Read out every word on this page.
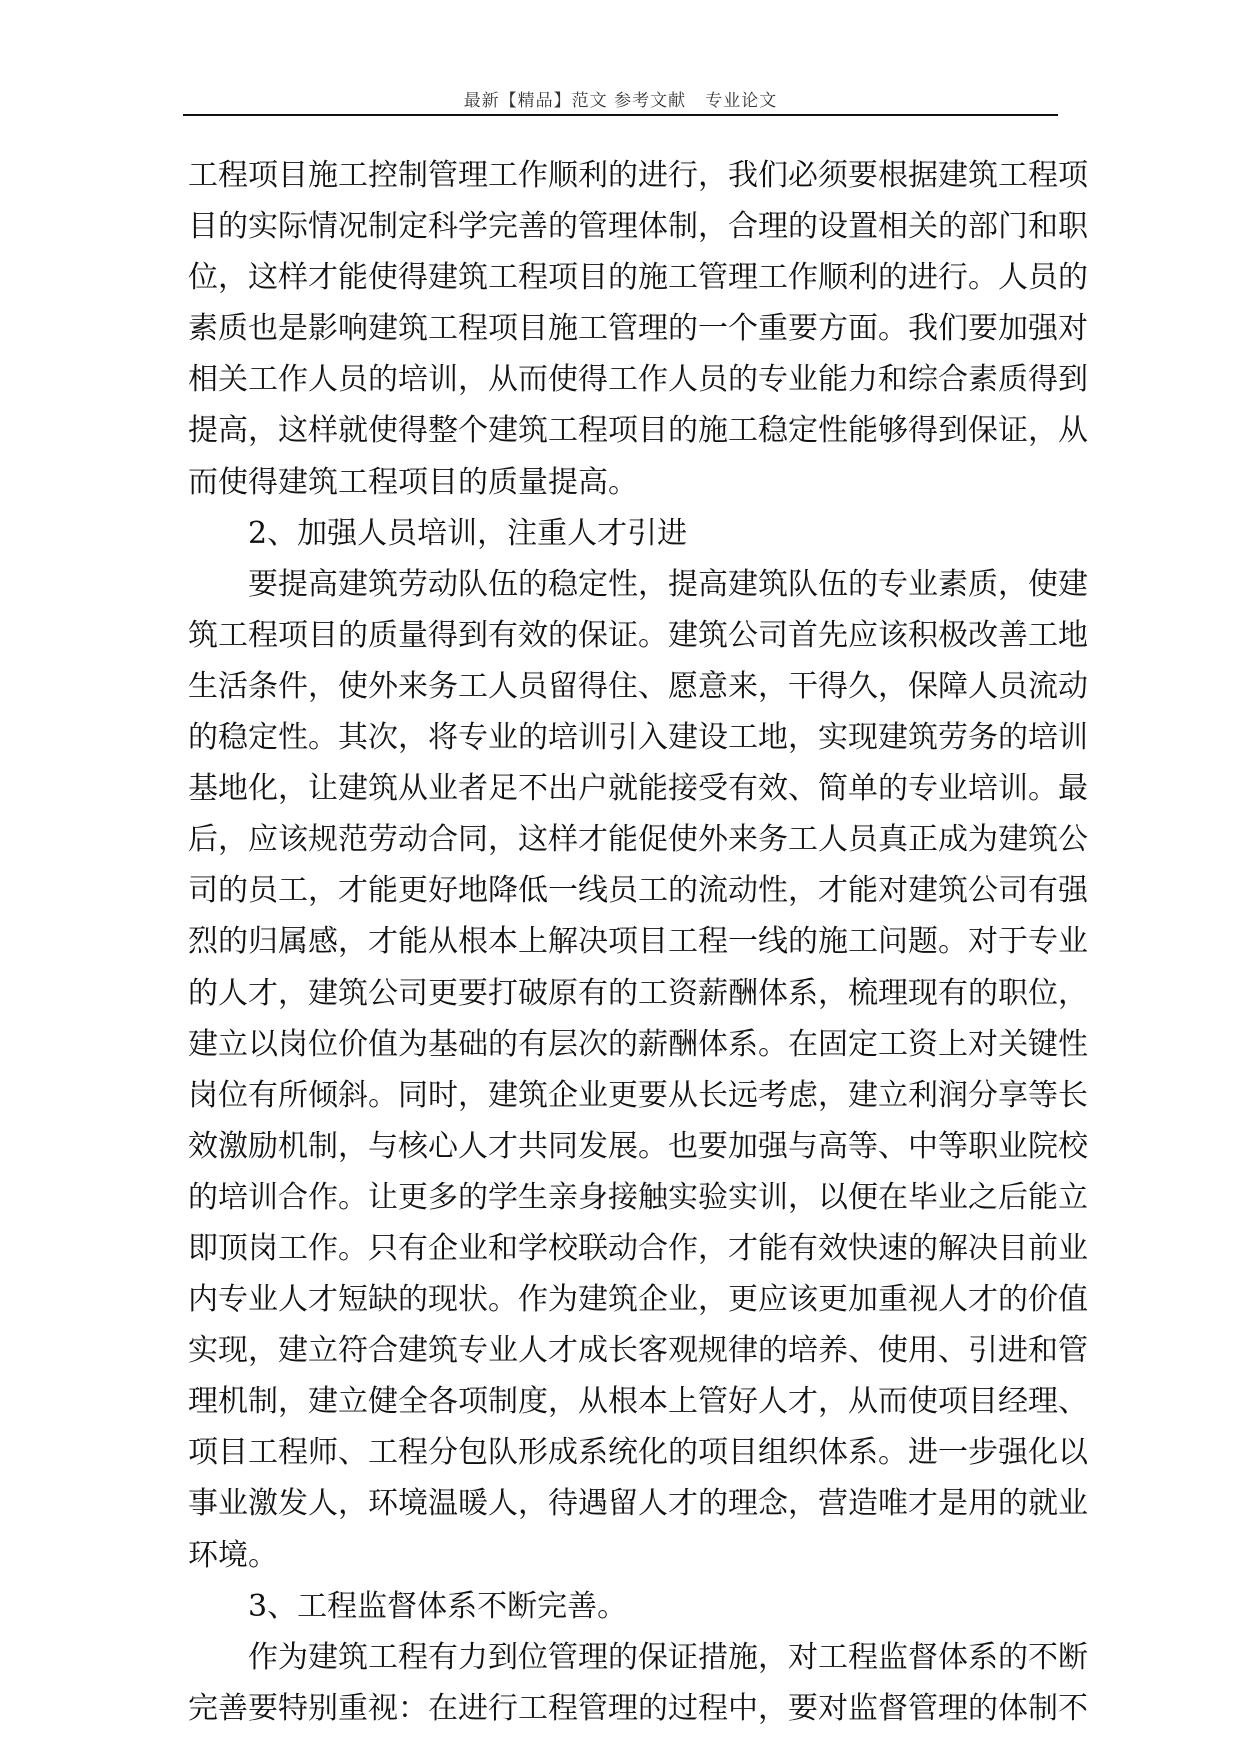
最新【精品】范文 参考文献   专业论文
工程项目施工控制管理工作顺利的进行，我们必须要根据建筑工程项
目的实际情况制定科学完善的管理体制，合理的设置相关的部门和职
位，这样才能使得建筑工程项目的施工管理工作顺利的进行。人员的
素质也是影响建筑工程项目施工管理的一个重要方面。我们要加强对
相关工作人员的培训，从而使得工作人员的专业能力和综合素质得到
提高，这样就使得整个建筑工程项目的施工稳定性能够得到保证，从
而使得建筑工程项目的质量提高。
2、加强人员培训，注重人才引进
要提高建筑劳动队伍的稳定性，提高建筑队伍的专业素质，使建
筑工程项目的质量得到有效的保证。建筑公司首先应该积极改善工地
生活条件，使外来务工人员留得住、愿意来，干得久，保障人员流动
的稳定性。其次，将专业的培训引入建设工地，实现建筑劳务的培训
基地化，让建筑从业者足不出户就能接受有效、简单的专业培训。最
后，应该规范劳动合同，这样才能促使外来务工人员真正成为建筑公
司的员工，才能更好地降低一线员工的流动性，才能对建筑公司有强
烈的归属感，才能从根本上解决项目工程一线的施工问题。对于专业
的人才，建筑公司更要打破原有的工资薪酬体系，梳理现有的职位，
建立以岗位价值为基础的有层次的薪酬体系。在固定工资上对关键性
岗位有所倾斜。同时，建筑企业更要从长远考虑，建立利润分享等长
效激励机制，与核心人才共同发展。也要加强与高等、中等职业院校
的培训合作。让更多的学生亲身接触实验实训，以便在毕业之后能立
即顶岗工作。只有企业和学校联动合作，才能有效快速的解决目前业
内专业人才短缺的现状。作为建筑企业，更应该更加重视人才的价值
实现，建立符合建筑专业人才成长客观规律的培养、使用、引进和管
理机制，建立健全各项制度，从根本上管好人才，从而使项目经理、
项目工程师、工程分包队形成系统化的项目组织体系。进一步强化以
事业激发人，环境温暖人，待遇留人才的理念，营造唯才是用的就业
环境。
3、工程监督体系不断完善。
作为建筑工程有力到位管理的保证措施，对工程监督体系的不断
完善要特别重视：在进行工程管理的过程中，要对监督管理的体制不
